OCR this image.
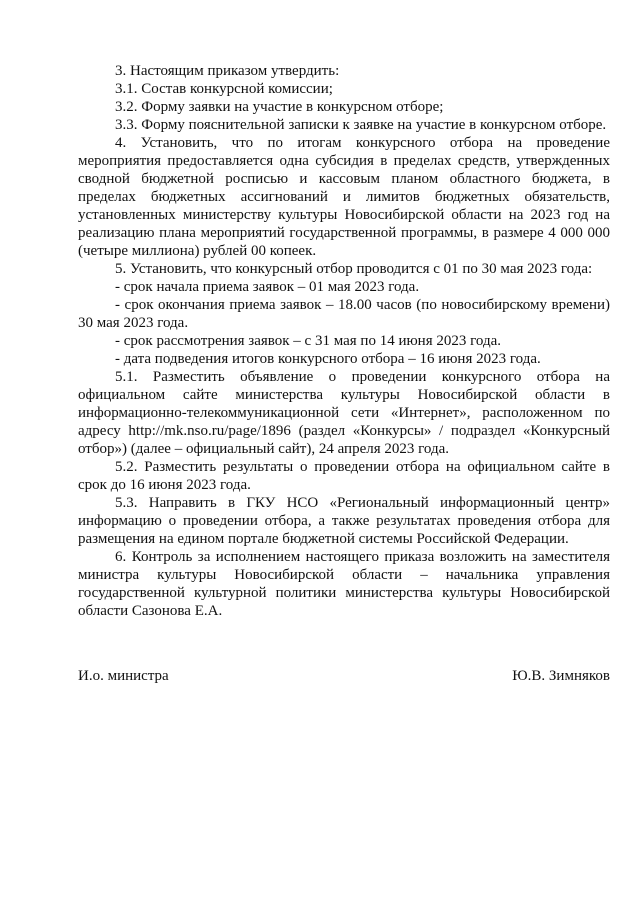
3. Настоящим приказом утвердить:

3.1. Состав конкурсной комиссии;

3.2. Форму заявки на участие в конкурсном отборе;

3.3. Форму пояснительной записки к заявке на участие в конкурсном отборе.

4. Установить, что по итогам конкурсного отбора на проведение мероприятия предоставляется одна субсидия в пределах средств, утвержденных сводной бюджетной росписью и кассовым планом областного бюджета, в пределах бюджетных ассигнований и лимитов бюджетных обязательств, установленных министерству культуры Новосибирской области на 2023 год на реализацию плана мероприятий государственной программы, в размере 4 000 000 (четыре миллиона) рублей 00 копеек.

5. Установить, что конкурсный отбор проводится с 01 по 30 мая 2023 года:

- срок начала приема заявок – 01 мая 2023 года.

- срок окончания приема заявок – 18.00 часов (по новосибирскому времени) 30 мая 2023 года.

- срок рассмотрения заявок – с 31 мая по 14 июня 2023 года.

- дата подведения итогов конкурсного отбора – 16 июня 2023 года.

5.1. Разместить объявление о проведении конкурсного отбора на официальном сайте министерства культуры Новосибирской области в информационно-телекоммуникационной сети «Интернет», расположенном по адресу http://mk.nso.ru/page/1896 (раздел «Конкурсы» / подраздел «Конкурсный отбор») (далее – официальный сайт), 24 апреля 2023 года.

5.2. Разместить результаты о проведении отбора на официальном сайте в срок до 16 июня 2023 года.

5.3. Направить в ГКУ НСО «Региональный информационный центр» информацию о проведении отбора, а также результатах проведения отбора для размещения на едином портале бюджетной системы Российской Федерации.

6. Контроль за исполнением настоящего приказа возложить на заместителя министра культуры Новосибирской области – начальника управления государственной культурной политики министерства культуры Новосибирской области Сазонова Е.А.

И.о. министра	Ю.В. Зимняков
